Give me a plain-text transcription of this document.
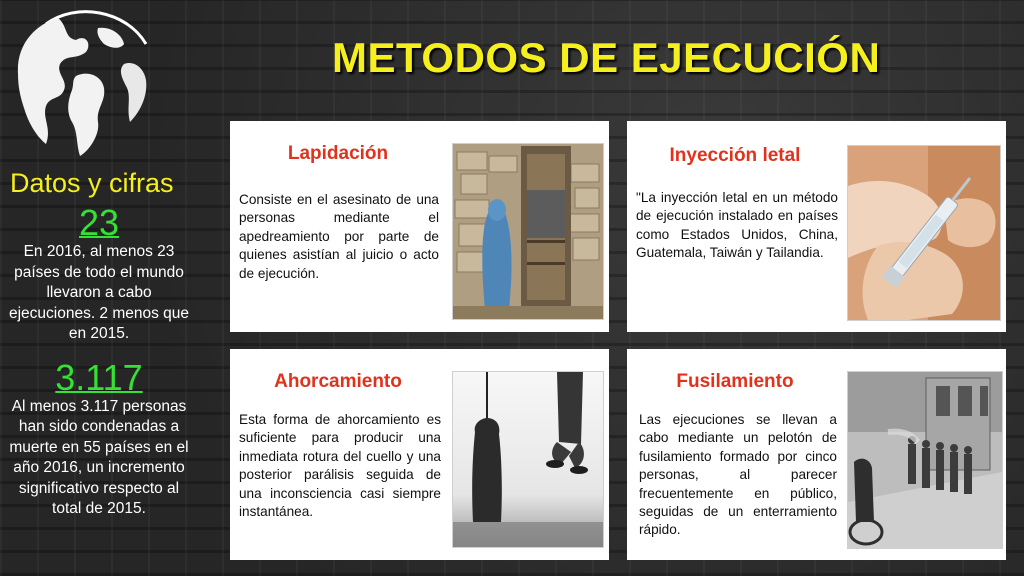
METODOS DE EJECUCIÓN
Datos y cifras
23
En 2016, al menos 23 países de todo el mundo llevaron a cabo ejecuciones. 2 menos que en 2015.
3.117
Al menos 3.117 personas han sido condenadas a muerte en 55 países en el año 2016, un incremento significativo respecto al total de 2015.
Lapidación
Consiste en el asesinato de una personas mediante el apedreamiento por parte de quienes asistían al juicio o acto de ejecución.
Inyección letal
"La inyección letal en un método de ejecución instalado en países como Estados Unidos, China, Guatemala, Taiwán y Tailandia.
Ahorcamiento
Esta forma de ahorcamiento es suficiente para producir una inmediata rotura del cuello y una posterior parálisis seguida de una inconsciencia casi siempre instantánea.
Fusilamiento
Las ejecuciones se llevan a cabo mediante un pelotón de fusilamiento formado por cinco personas, al parecer frecuentemente en público, seguidas de un enterramiento rápido.
